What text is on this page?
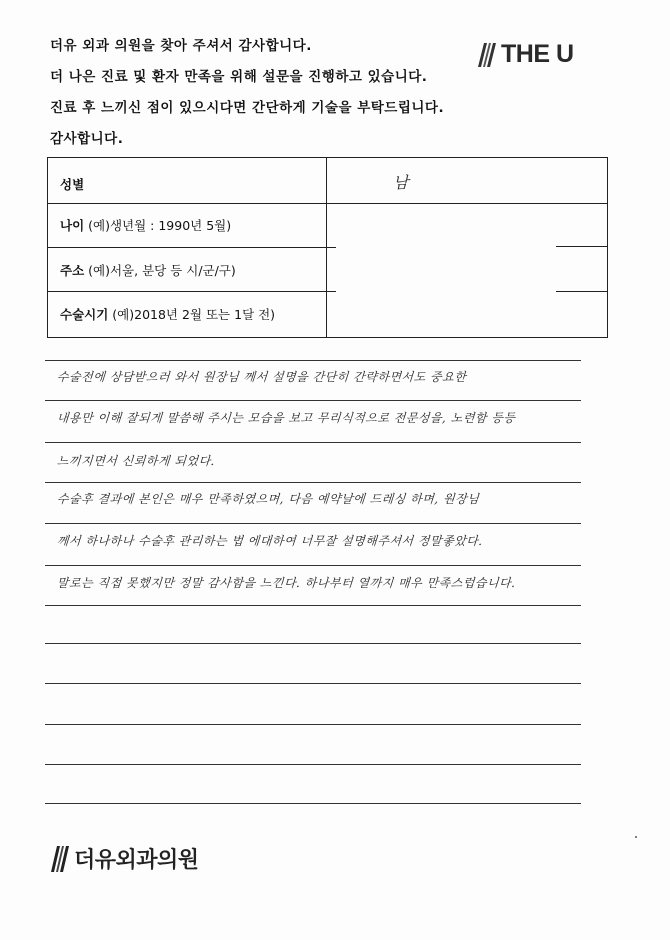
더유 외과 의원을 찾아 주셔서 감사합니다.
더 나은 진료 및 환자 만족을 위해 설문을 진행하고 있습니다.
진료 후 느끼신 점이 있으시다면 간단하게 기술을 부탁드립니다.
감사합니다.
THE U
성별	남
나이 (예)생년월 : 1990년 5월)
주소 (예)서울, 분당 등 시/군/구)
수술시기 (예)2018년 2월 또는 1달 전)
수술전에 상담받으러 와서 원장님 께서 설명을 간단히 간략하면서도 중요한
내용만 이해 잘되게 말씀해 주시는 모습을 보고 무리식적으로 전문성을, 노련함 등등
느끼지면서 신뢰하게 되었다.
수술후 결과에 본인은 매우 만족하였으며, 다음 예약날에 드레싱 하며, 원장님
께서 하나하나 수술후 관리하는 법 에대하여 너무잘 설명해주셔서 정말좋았다.
말로는 직접 못했지만 정말 감사함을 느낀다. 하나부터 열까지 매우 만족스럽습니다.
더유외과의원
